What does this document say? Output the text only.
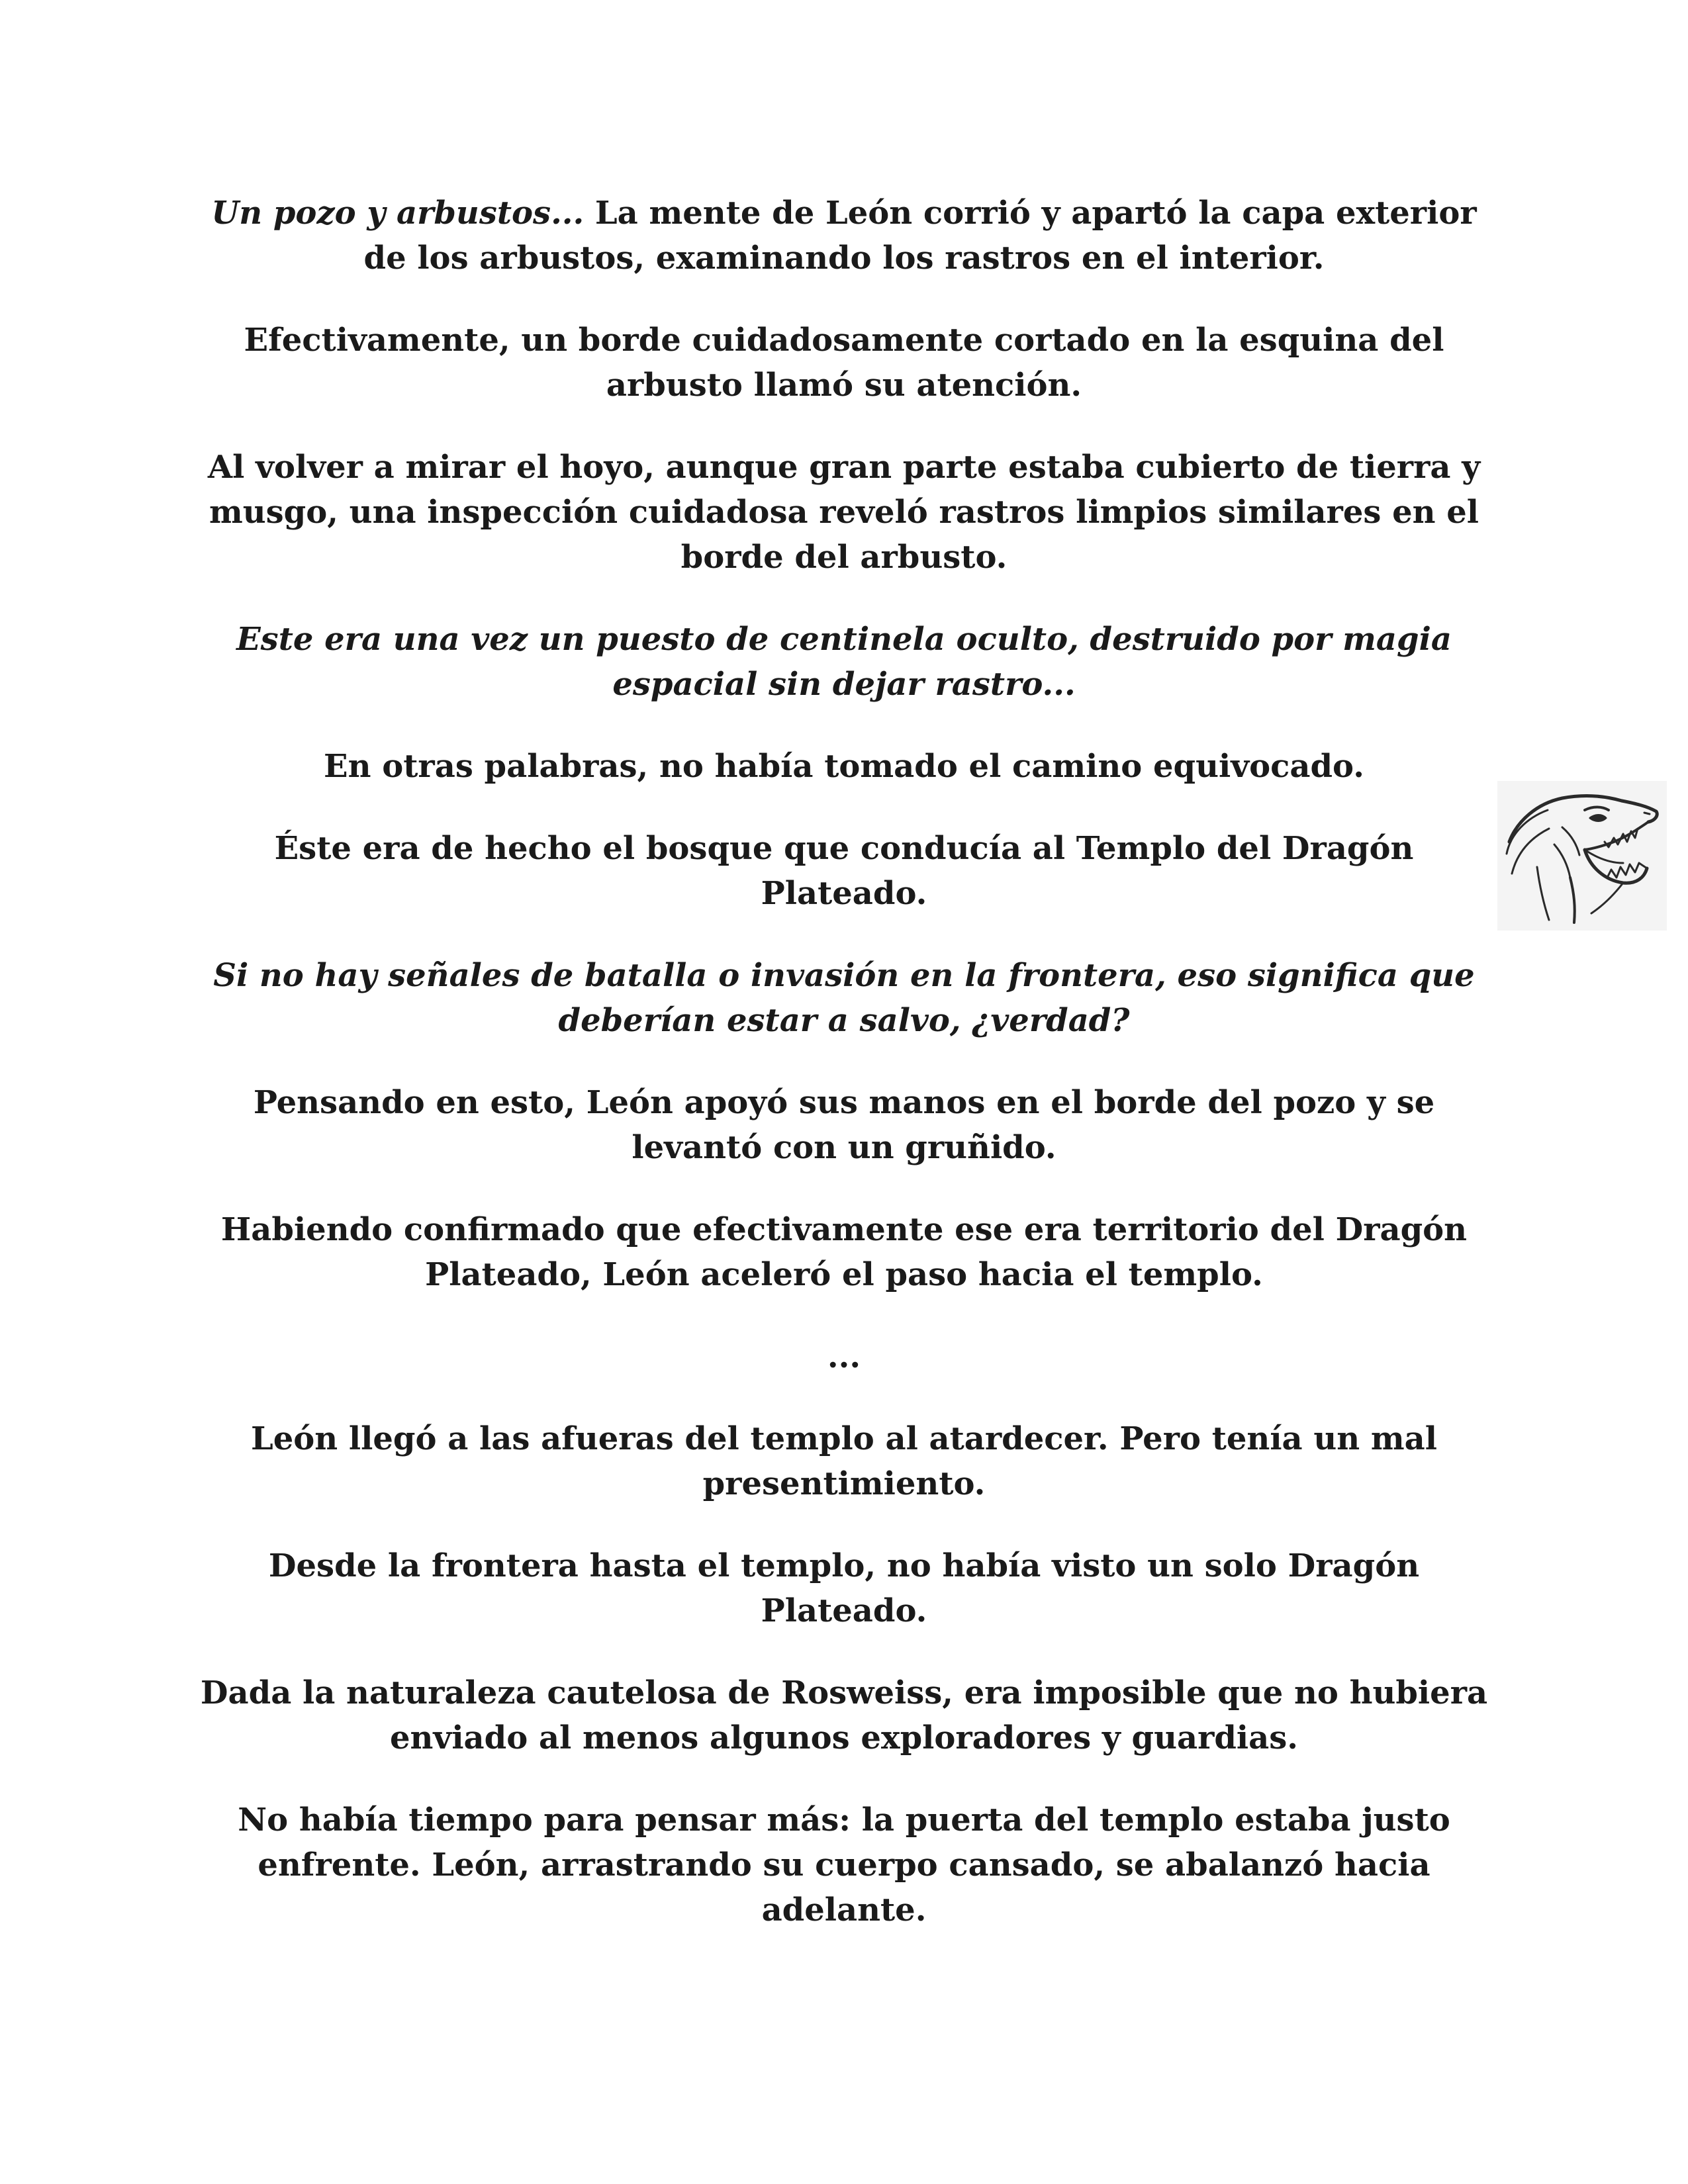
Un pozo y arbustos... La mente de León corrió y apartó la capa exterior de los arbustos, examinando los rastros en el interior.

Efectivamente, un borde cuidadosamente cortado en la esquina del arbusto llamó su atención.

Al volver a mirar el hoyo, aunque gran parte estaba cubierto de tierra y musgo, una inspección cuidadosa reveló rastros limpios similares en el borde del arbusto.

Este era una vez un puesto de centinela oculto, destruido por magia espacial sin dejar rastro...

En otras palabras, no había tomado el camino equivocado.

Éste era de hecho el bosque que conducía al Templo del Dragón Plateado.

Si no hay señales de batalla o invasión en la frontera, eso significa que deberían estar a salvo, ¿verdad?

Pensando en esto, León apoyó sus manos en el borde del pozo y se levantó con un gruñido.

Habiendo confirmado que efectivamente ese era territorio del Dragón Plateado, León aceleró el paso hacia el templo.

...

León llegó a las afueras del templo al atardecer. Pero tenía un mal presentimiento.

Desde la frontera hasta el templo, no había visto un solo Dragón Plateado.

Dada la naturaleza cautelosa de Rosweiss, era imposible que no hubiera enviado al menos algunos exploradores y guardias.

No había tiempo para pensar más: la puerta del templo estaba justo enfrente. León, arrastrando su cuerpo cansado, se abalanzó hacia adelante.
